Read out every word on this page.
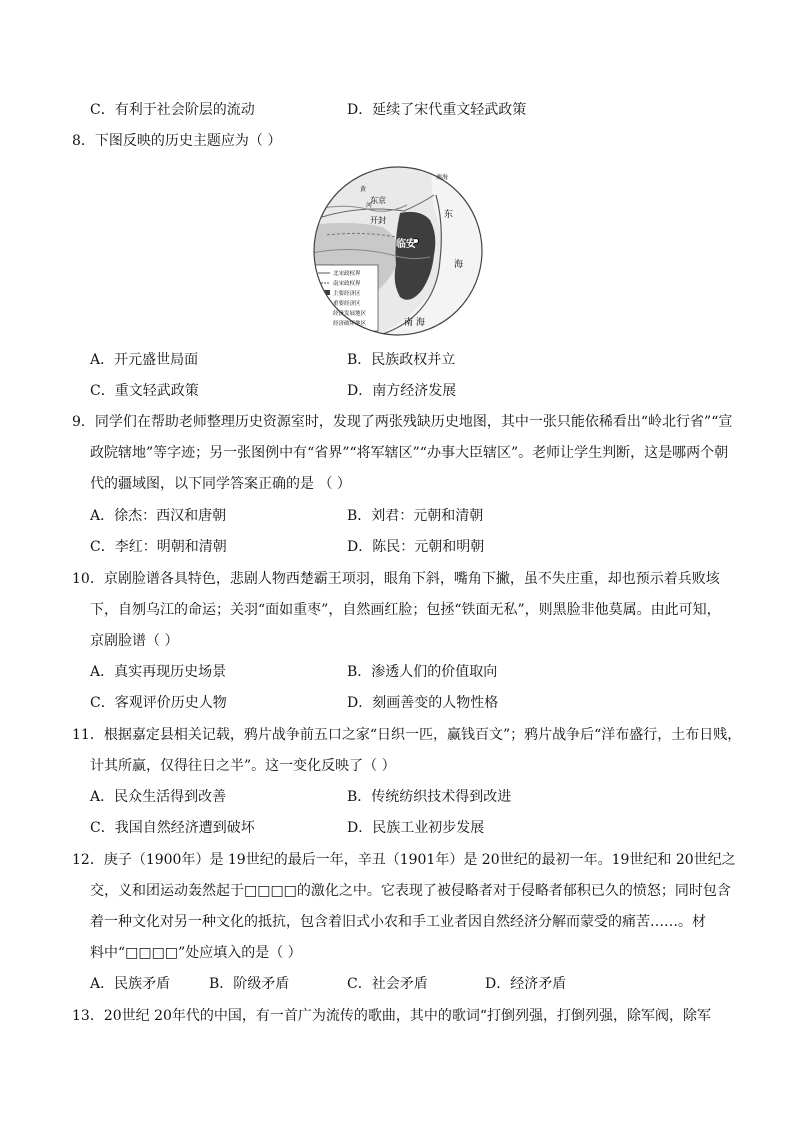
C．有利于社会阶层的流动	D．延续了宋代重文轻武政策
8．下图反映的历史主题应为（ ）
南海
黄
河
东京
开封
东
临安
海
南 海
北宋政权界
南宋政权界
主要经济区
重要经济区
经济发展地区
经济破坏地区
A．开元盛世局面	B．民族政权并立
C．重文轻武政策	D．南方经济发展
9．同学们在帮助老师整理历史资源室时，发现了两张残缺历史地图，其中一张只能依稀看出“岭北行省”“宣
政院辖地”等字迹；另一张图例中有“省界”“将军辖区”“办事大臣辖区”。老师让学生判断，这是哪两个朝
代的疆域图，以下同学答案正确的是 （ ）
A．徐杰：西汉和唐朝	B．刘君：元朝和清朝
C．李红：明朝和清朝	D．陈民：元朝和明朝
10．京剧脸谱各具特色，悲剧人物西楚霸王项羽，眼角下斜，嘴角下撇，虽不失庄重，却也预示着兵败垓
下，自刎乌江的命运；关羽“面如重枣”，自然画红脸；包拯“铁面无私”，则黑脸非他莫属。由此可知，
京剧脸谱（ ）
A．真实再现历史场景	B．渗透人们的价值取向
C．客观评价历史人物	D．刻画善变的人物性格
11．根据嘉定县相关记载，鸦片战争前五口之家“日织一匹，赢钱百文”；鸦片战争后“洋布盛行，土布日贱，
计其所赢，仅得往日之半”。这一变化反映了（ ）
A．民众生活得到改善	B．传统纺织技术得到改进
C．我国自然经济遭到破坏	D．民族工业初步发展
12．庚子（1900年）是 19世纪的最后一年，辛丑（1901年）是 20世纪的最初一年。19世纪和 20世纪之
交，义和团运动轰然起于□□□□的激化之中。它表现了被侵略者对于侵略者郁积已久的愤怒；同时包含
着一种文化对另一种文化的抵抗，包含着旧式小农和手工业者因自然经济分解而蒙受的痛苦……。材
料中“□□□□”处应填入的是（ ）
A．民族矛盾	B．阶级矛盾	C．社会矛盾	D．经济矛盾
13．20世纪 20年代的中国，有一首广为流传的歌曲，其中的歌词“打倒列强，打倒列强，除军阀，除军
